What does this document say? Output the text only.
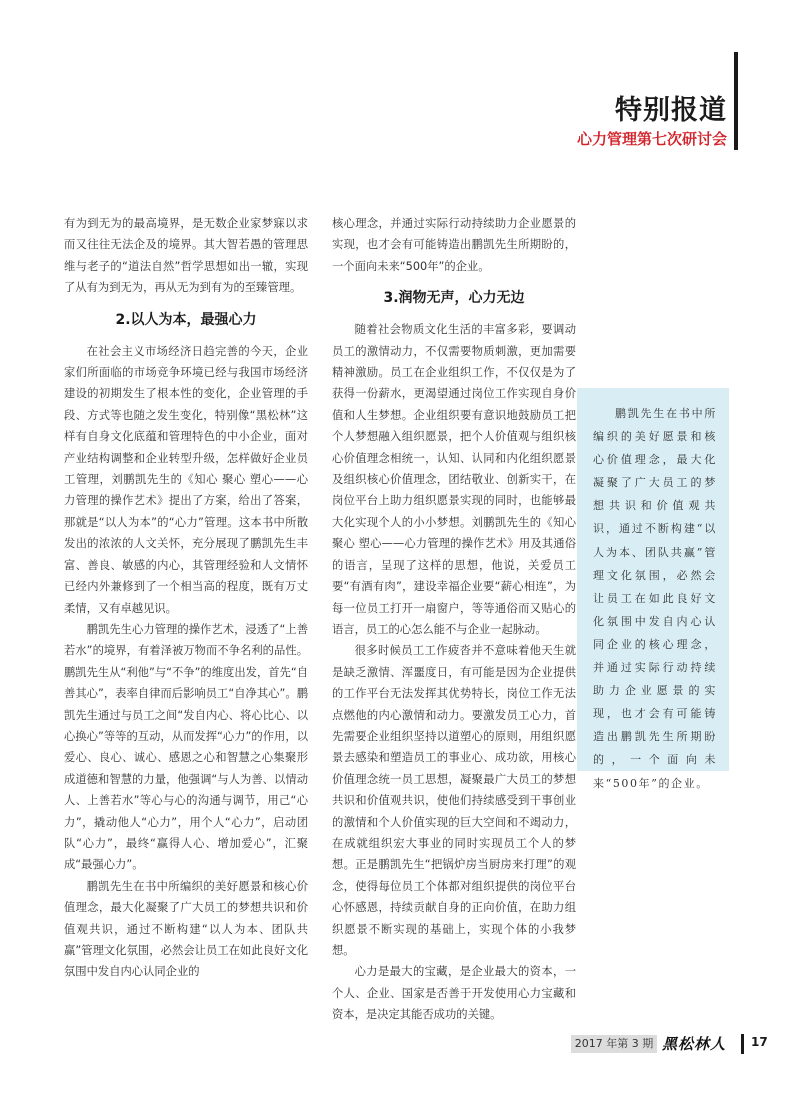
特别报道
心力管理第七次研讨会

有为到无为的最高境界，是无数企业家梦寐以求而又往往无法企及的境界。其大智若愚的管理思维与老子的“道法自然”哲学思想如出一辙，实现了从有为到无为，再从无为到有为的至臻管理。

2.以人为本，最强心力

在社会主义市场经济日趋完善的今天，企业家们所面临的市场竞争环境已经与我国市场经济建设的初期发生了根本性的变化，企业管理的手段、方式等也随之发生变化，特别像“黑松林”这样有自身文化底蕴和管理特色的中小企业，面对产业结构调整和企业转型升级，怎样做好企业员工管理，刘鹏凯先生的《知心 聚心 塑心——心力管理的操作艺术》提出了方案，给出了答案，那就是“以人为本”的“心力”管理。这本书中所散发出的浓浓的人文关怀，充分展现了鹏凯先生丰富、善良、敏感的内心，其管理经验和人文情怀已经内外兼修到了一个相当高的程度，既有万丈柔情，又有卓越见识。

鹏凯先生心力管理的操作艺术，浸透了“上善若水”的境界，有着泽被万物而不争名利的品性。鹏凯先生从“利他”与“不争”的维度出发，首先“自善其心”，表率自律而后影响员工“自净其心”。鹏凯先生通过与员工之间“发自内心、将心比心、以心换心”等等的互动，从而发挥“心力”的作用，以爱心、良心、诚心、感恩之心和智慧之心集聚形成道德和智慧的力量，他强调“与人为善、以情动人、上善若水”等心与心的沟通与调节，用己“心力”，撬动他人“心力”，用个人“心力”，启动团队“心力”，最终“赢得人心、增加爱心”，汇聚成“最强心力”。

鹏凯先生在书中所编织的美好愿景和核心价值理念，最大化凝聚了广大员工的梦想共识和价值观共识，通过不断构建“以人为本、团队共赢”管理文化氛围，必然会让员工在如此良好文化氛围中发自内心认同企业的

核心理念，并通过实际行动持续助力企业愿景的实现，也才会有可能铸造出鹏凯先生所期盼的，一个面向未来“500年”的企业。

3.润物无声，心力无边

随着社会物质文化生活的丰富多彩，要调动员工的激情动力，不仅需要物质刺激，更加需要精神激励。员工在企业组织工作，不仅仅是为了获得一份薪水，更渴望通过岗位工作实现自身价值和人生梦想。企业组织要有意识地鼓励员工把个人梦想融入组织愿景，把个人价值观与组织核心价值理念相统一，认知、认同和内化组织愿景及组织核心价值理念，团结敬业、创新实干，在岗位平台上助力组织愿景实现的同时，也能够最大化实现个人的小小梦想。刘鹏凯先生的《知心 聚心 塑心——心力管理的操作艺术》用及其通俗的语言，呈现了这样的思想，他说，关爱员工要“有酒有肉”，建设幸福企业要“薪心相连”，为每一位员工打开一扇窗户，等等通俗而又贴心的语言，员工的心怎么能不与企业一起脉动。

很多时候员工工作疲沓并不意味着他天生就是缺乏激情、浑噩度日，有可能是因为企业提供的工作平台无法发挥其优势特长，岗位工作无法点燃他的内心激情和动力。要激发员工心力，首先需要企业组织坚持以道塑心的原则，用组织愿景去感染和塑造员工的事业心、成功欲，用核心价值理念统一员工思想，凝聚最广大员工的梦想共识和价值观共识，使他们持续感受到干事创业的激情和个人价值实现的巨大空间和不竭动力，在成就组织宏大事业的同时实现员工个人的梦想。正是鹏凯先生“把锅炉房当厨房来打理”的观念，使得每位员工个体都对组织提供的岗位平台心怀感恩，持续贡献自身的正向价值，在助力组织愿景不断实现的基础上，实现个体的小我梦想。

心力是最大的宝藏，是企业最大的资本，一个人、企业、国家是否善于开发使用心力宝藏和资本，是决定其能否成功的关键。

鹏凯先生在书中所编织的美好愿景和核心价值理念，最大化凝聚了广大员工的梦想共识和价值观共识，通过不断构建“以人为本、团队共赢”管理文化氛围，必然会让员工在如此良好文化氛围中发自内心认同企业的核心理念，并通过实际行动持续助力企业愿景的实现，也才会有可能铸造出鹏凯先生所期盼的，一个面向未来“500年”的企业。

2017 年第 3 期 黑松林人 17
